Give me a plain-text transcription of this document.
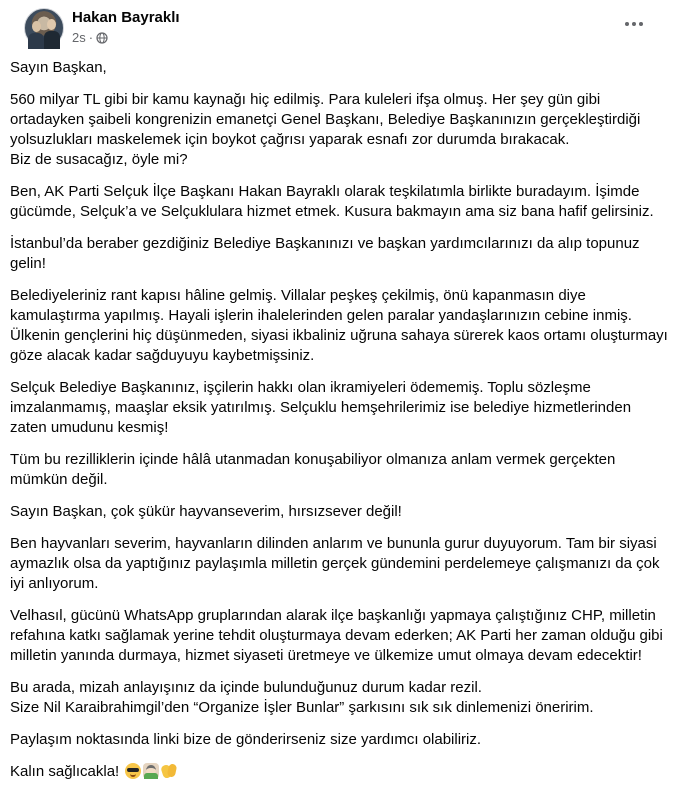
Hakan Bayraklı
2s ·

Sayın Başkan,

560 milyar TL gibi bir kamu kaynağı hiç edilmiş. Para kuleleri ifşa olmuş. Her şey gün gibi ortadayken şaibeli kongrenizin emanetçi Genel Başkanı, Belediye Başkanınızın gerçekleştirdiği yolsuzlukları maskelemek için boykot çağrısı yaparak esnafı zor durumda bırakacak.
Biz de susacağız, öyle mi?

Ben, AK Parti Selçuk İlçe Başkanı Hakan Bayraklı olarak teşkilatımla birlikte buradayım. İşimde gücümde, Selçuk’a ve Selçuklulara hizmet etmek. Kusura bakmayın ama siz bana hafif gelirsiniz.

İstanbul’da beraber gezdiğiniz Belediye Başkanınızı ve başkan yardımcılarınızı da alıp topunuz gelin!

Belediyeleriniz rant kapısı hâline gelmiş. Villalar peşkeş çekilmiş, önü kapanmasın diye kamulaştırma yapılmış. Hayali işlerin ihalelerinden gelen paralar yandaşlarınızın cebine inmiş. Ülkenin gençlerini hiç düşünmeden, siyasi ikbaliniz uğruna sahaya sürerek kaos ortamı oluşturmayı göze alacak kadar sağduyuyu kaybetmişsiniz.

Selçuk Belediye Başkanınız, işçilerin hakkı olan ikramiyeleri ödememiş. Toplu sözleşme imzalanmamış, maaşlar eksik yatırılmış. Selçuklu hemşehrilerimiz ise belediye hizmetlerinden zaten umudunu kesmiş!

Tüm bu rezilliklerin içinde hâlâ utanmadan konuşabiliyor olmanıza anlam vermek gerçekten mümkün değil.

Sayın Başkan, çok şükür hayvanseverim, hırsızsever değil!

Ben hayvanları severim, hayvanların dilinden anlarım ve bununla gurur duyuyorum. Tam bir siyasi aymazlık olsa da yaptığınız paylaşımla milletin gerçek gündemini perdelemeye çalışmanızı da çok iyi anlıyorum.

Velhasıl, gücünü WhatsApp gruplarından alarak ilçe başkanlığı yapmaya çalıştığınız CHP, milletin refahına katkı sağlamak yerine tehdit oluşturmaya devam ederken; AK Parti her zaman olduğu gibi milletin yanında durmaya, hizmet siyaseti üretmeye ve ülkemize umut olmaya devam edecektir!

Bu arada, mizah anlayışınız da içinde bulunduğunuz durum kadar rezil.
Size Nil Karaibrahimgil’den “Organize İşler Bunlar” şarkısını sık sık dinlemenizi öneririm.

Paylaşım noktasında linki bize de gönderirseniz size yardımcı olabiliriz.

Kalın sağlıcakla!
